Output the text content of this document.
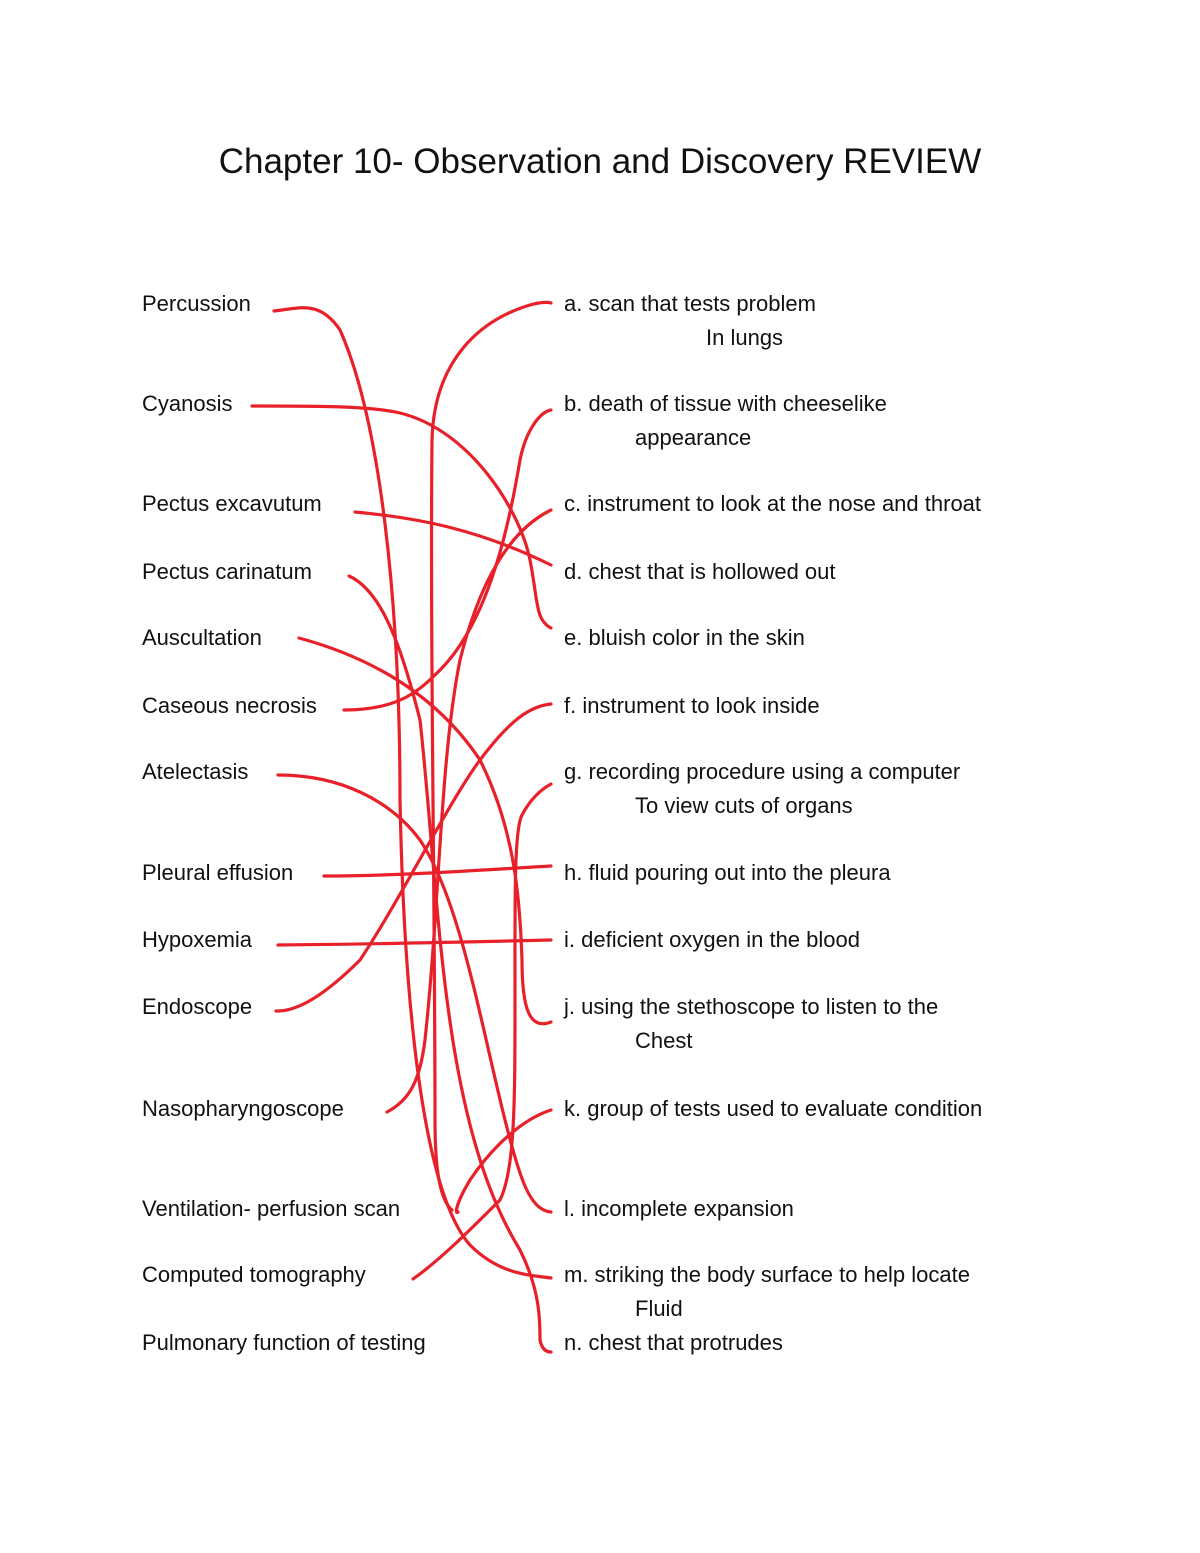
Chapter 10- Observation and Discovery REVIEW
Percussion
Cyanosis
Pectus excavutum
Pectus carinatum
Auscultation
Caseous necrosis
Atelectasis
Pleural effusion
Hypoxemia
Endoscope
Nasopharyngoscope
Ventilation- perfusion scan
Computed tomography
Pulmonary function of testing
a. scan that tests problem
In lungs
b. death of tissue with cheeselike
appearance
c. instrument to look at the nose and throat
d. chest that is hollowed out
e. bluish color in the skin
f. instrument to look inside
g. recording procedure using a computer
To view cuts of organs
h. fluid pouring out into the pleura
i. deficient oxygen in the blood
j. using the stethoscope to listen to the
Chest
k. group of tests used to evaluate condition
l. incomplete expansion
m. striking the body surface to help locate
Fluid
n. chest that protrudes
